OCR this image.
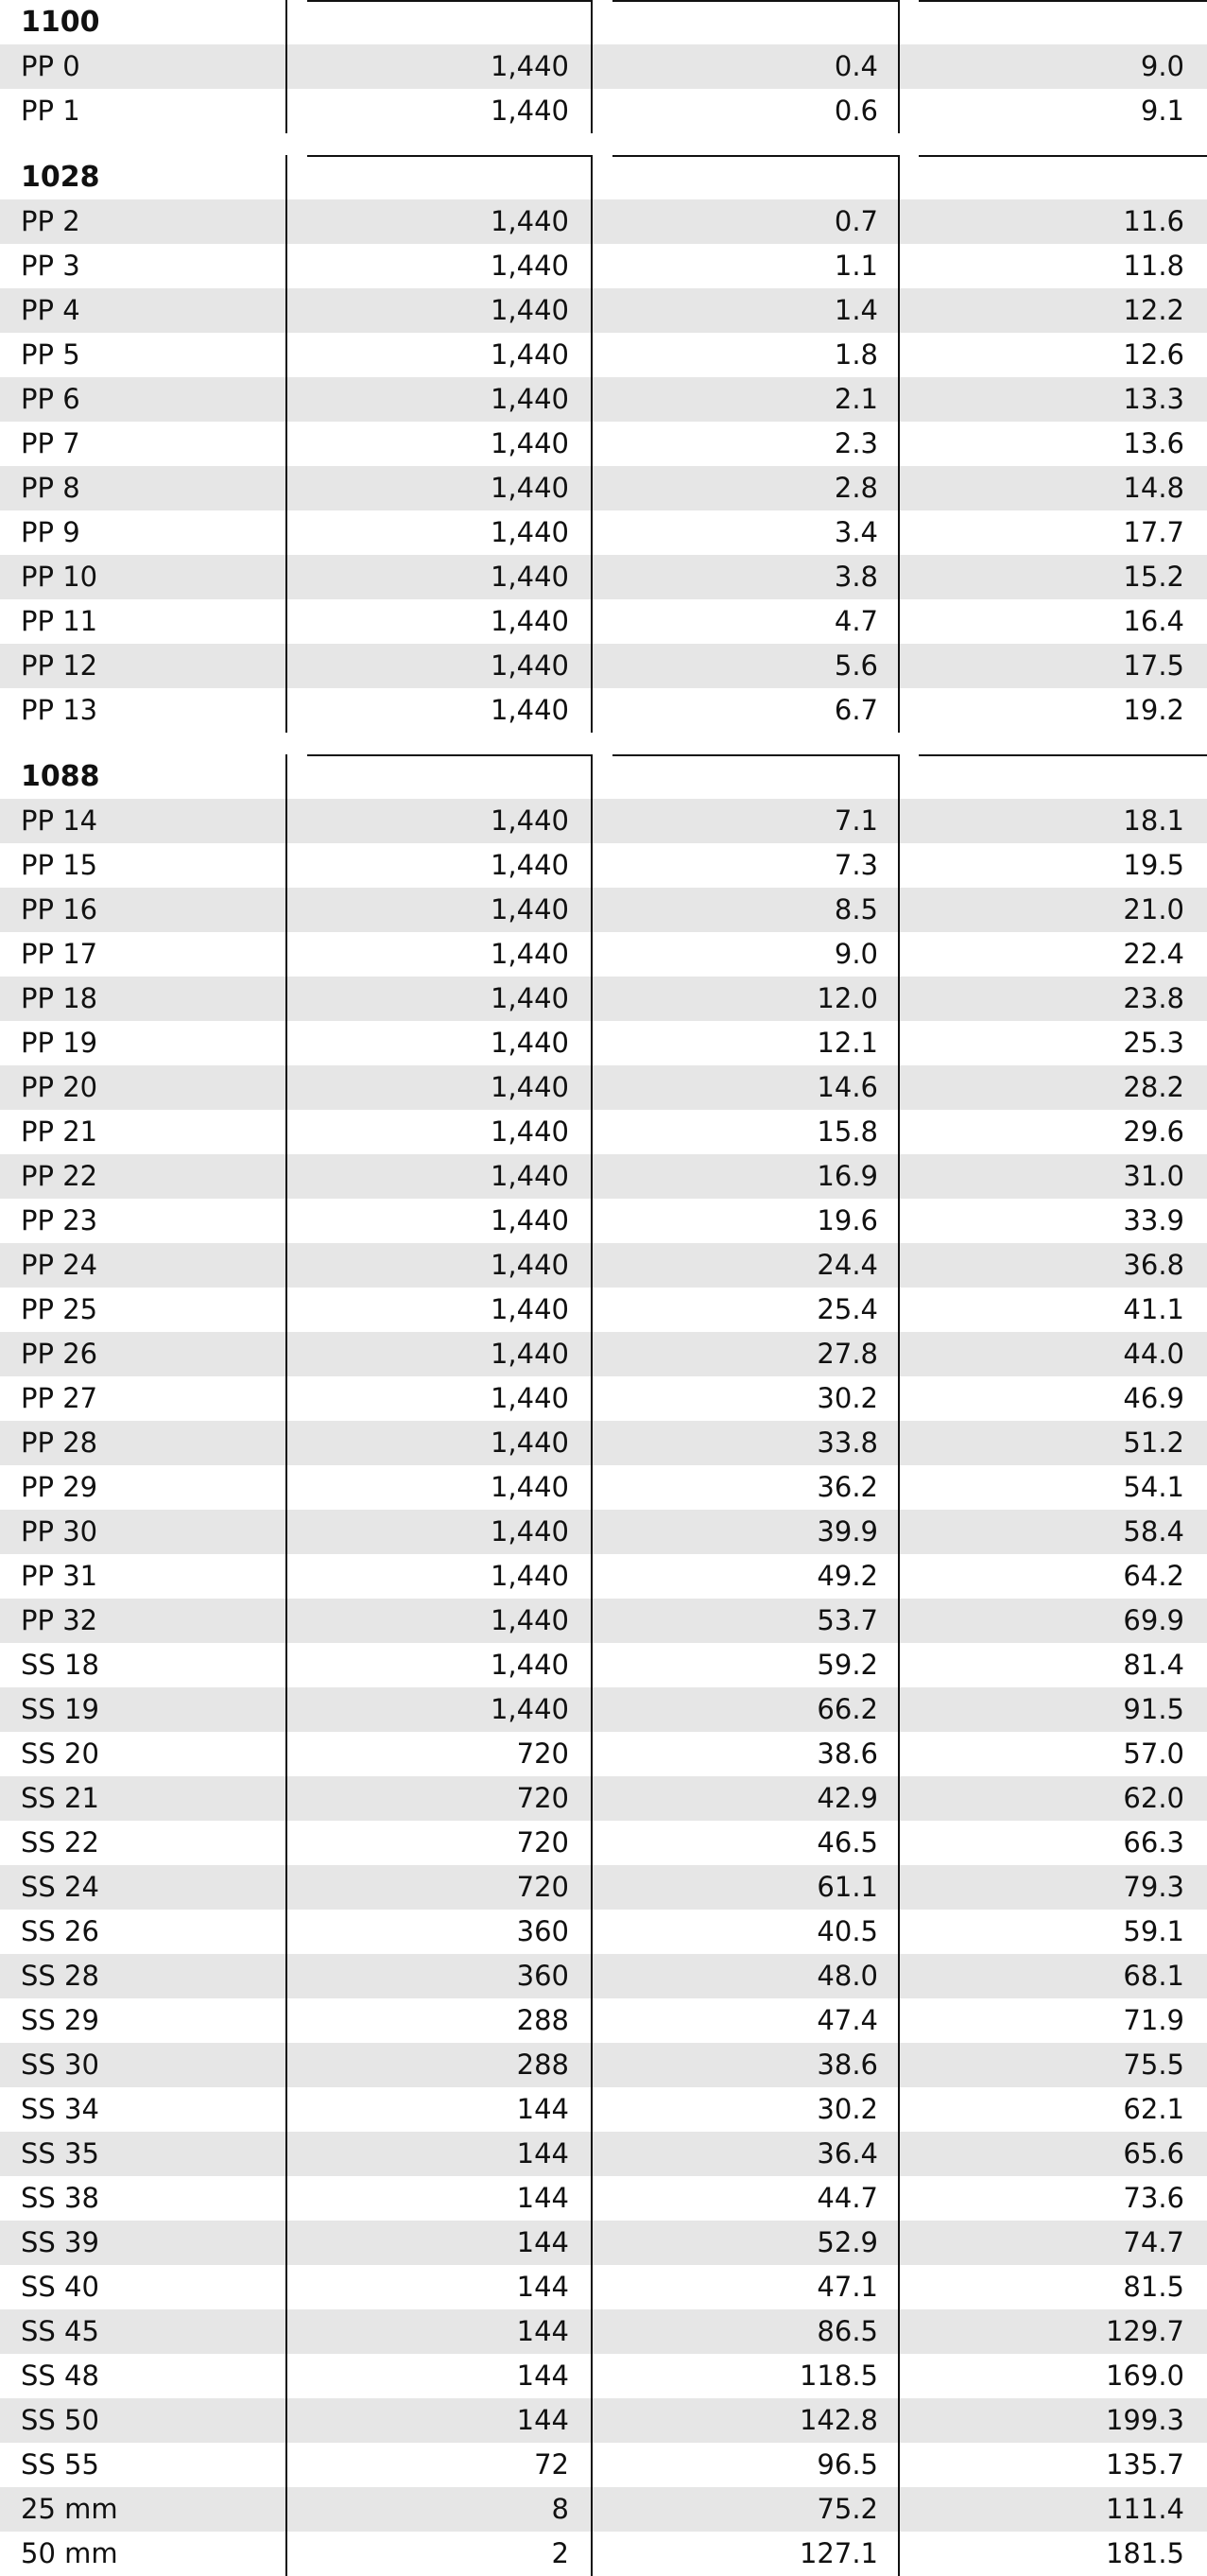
1100
PP 0	1,440	0.4	9.0
PP 1	1,440	0.6	9.1
1028
PP 2	1,440	0.7	11.6
PP 3	1,440	1.1	11.8
PP 4	1,440	1.4	12.2
PP 5	1,440	1.8	12.6
PP 6	1,440	2.1	13.3
PP 7	1,440	2.3	13.6
PP 8	1,440	2.8	14.8
PP 9	1,440	3.4	17.7
PP 10	1,440	3.8	15.2
PP 11	1,440	4.7	16.4
PP 12	1,440	5.6	17.5
PP 13	1,440	6.7	19.2
1088
PP 14	1,440	7.1	18.1
PP 15	1,440	7.3	19.5
PP 16	1,440	8.5	21.0
PP 17	1,440	9.0	22.4
PP 18	1,440	12.0	23.8
PP 19	1,440	12.1	25.3
PP 20	1,440	14.6	28.2
PP 21	1,440	15.8	29.6
PP 22	1,440	16.9	31.0
PP 23	1,440	19.6	33.9
PP 24	1,440	24.4	36.8
PP 25	1,440	25.4	41.1
PP 26	1,440	27.8	44.0
PP 27	1,440	30.2	46.9
PP 28	1,440	33.8	51.2
PP 29	1,440	36.2	54.1
PP 30	1,440	39.9	58.4
PP 31	1,440	49.2	64.2
PP 32	1,440	53.7	69.9
SS 18	1,440	59.2	81.4
SS 19	1,440	66.2	91.5
SS 20	720	38.6	57.0
SS 21	720	42.9	62.0
SS 22	720	46.5	66.3
SS 24	720	61.1	79.3
SS 26	360	40.5	59.1
SS 28	360	48.0	68.1
SS 29	288	47.4	71.9
SS 30	288	38.6	75.5
SS 34	144	30.2	62.1
SS 35	144	36.4	65.6
SS 38	144	44.7	73.6
SS 39	144	52.9	74.7
SS 40	144	47.1	81.5
SS 45	144	86.5	129.7
SS 48	144	118.5	169.0
SS 50	144	142.8	199.3
SS 55	72	96.5	135.7
25 mm	8	75.2	111.4
50 mm	2	127.1	181.5
